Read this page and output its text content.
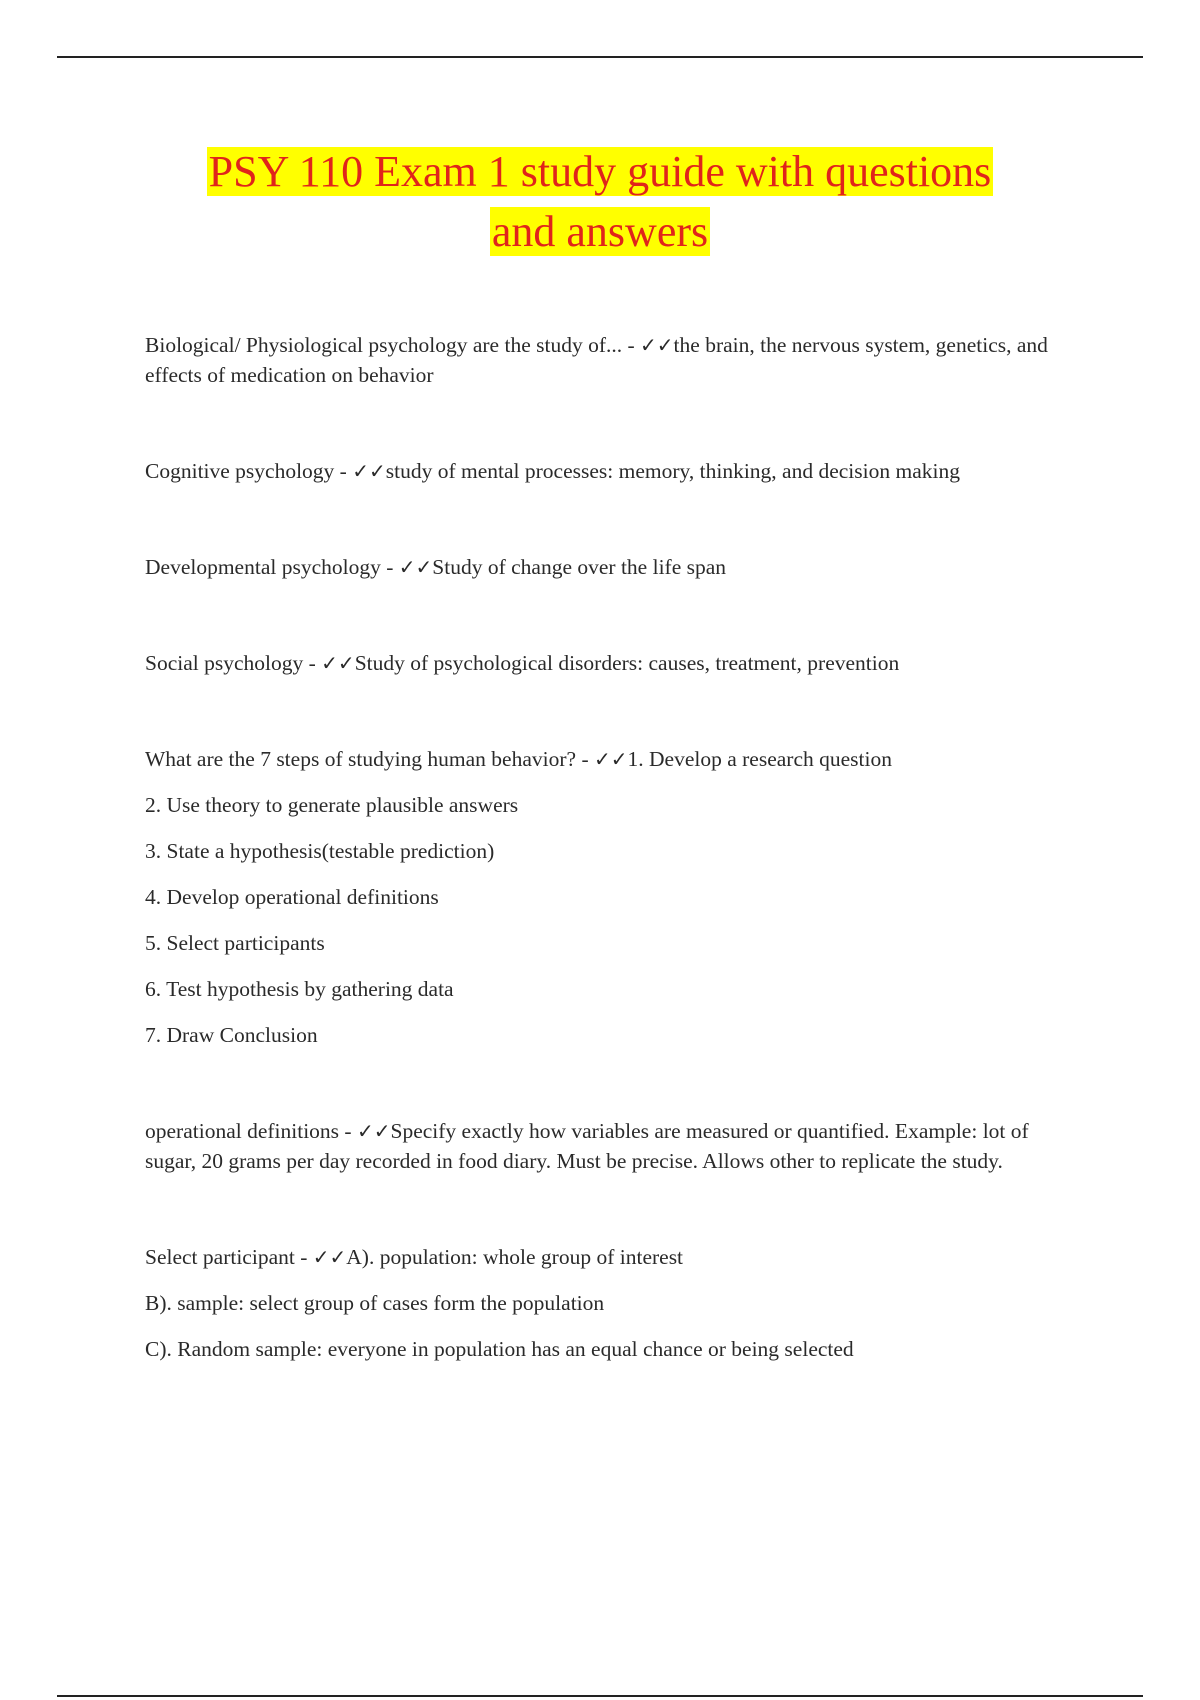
PSY 110 Exam 1 study guide with questions
and answers

Biological/ Physiological psychology are the study of... - ✓✓the brain, the nervous system, genetics, and effects of medication on behavior

Cognitive psychology - ✓✓study of mental processes: memory, thinking, and decision making

Developmental psychology - ✓✓Study of change over the life span

Social psychology - ✓✓Study of psychological disorders: causes, treatment, prevention

What are the 7 steps of studying human behavior? - ✓✓1. Develop a research question

2. Use theory to generate plausible answers

3. State a hypothesis(testable prediction)

4. Develop operational definitions

5. Select participants

6. Test hypothesis by gathering data

7. Draw Conclusion

operational definitions - ✓✓Specify exactly how variables are measured or quantified. Example: lot of sugar, 20 grams per day recorded in food diary. Must be precise. Allows other to replicate the study.

Select participant - ✓✓A). population: whole group of interest

B). sample: select group of cases form the population

C). Random sample: everyone in population has an equal chance or being selected
